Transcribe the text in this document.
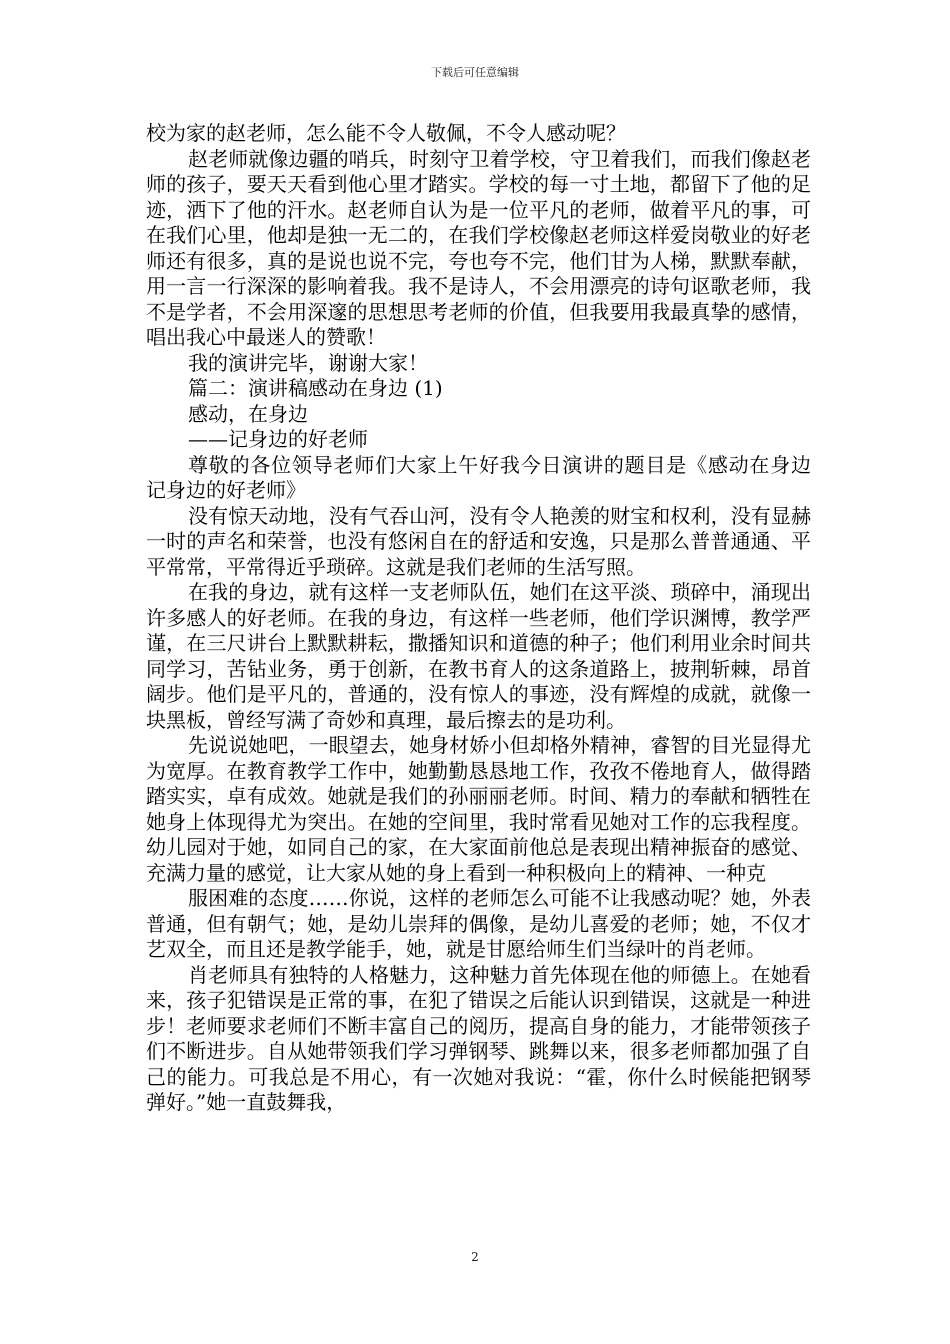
下载后可任意编辑

校为家的赵老师，怎么能不令人敬佩，不令人感动呢？

赵老师就像边疆的哨兵，时刻守卫着学校，守卫着我们，而我们像赵老师的孩子，要天天看到他心里才踏实。学校的每一寸土地，都留下了他的足迹，洒下了他的汗水。赵老师自认为是一位平凡的老师，做着平凡的事，可在我们心里，他却是独一无二的，在我们学校像赵老师这样爱岗敬业的好老师还有很多，真的是说也说不完，夸也夸不完，他们甘为人梯，默默奉献，用一言一行深深的影响着我。我不是诗人，不会用漂亮的诗句讴歌老师，我不是学者，不会用深邃的思想思考老师的价值，但我要用我最真挚的感情，唱出我心中最迷人的赞歌！

我的演讲完毕，谢谢大家！

篇二：演讲稿感动在身边 (1)

感动，在身边

——记身边的好老师

尊敬的各位领导老师们大家上午好我今日演讲的题目是《感动在身边 记身边的好老师》

没有惊天动地，没有气吞山河，没有令人艳羡的财宝和权利，没有显赫一时的声名和荣誉，也没有悠闲自在的舒适和安逸，只是那么普普通通、平平常常，平常得近乎琐碎。这就是我们老师的生活写照。

在我的身边，就有这样一支老师队伍，她们在这平淡、琐碎中，涌现出许多感人的好老师。在我的身边，有这样一些老师，他们学识渊博，教学严谨，在三尺讲台上默默耕耘，撒播知识和道德的种子；他们利用业余时间共同学习，苦钻业务，勇于创新，在教书育人的这条道路上，披荆斩棘，昂首阔步。他们是平凡的，普通的，没有惊人的事迹，没有辉煌的成就，就像一块黑板，曾经写满了奇妙和真理，最后擦去的是功利。

先说说她吧，一眼望去，她身材娇小但却格外精神，睿智的目光显得尤为宽厚。在教育教学工作中，她勤勤恳恳地工作，孜孜不倦地育人，做得踏踏实实，卓有成效。她就是我们的孙丽丽老师。时间、精力的奉献和牺牲在她身上体现得尤为突出。在她的空间里，我时常看见她对工作的忘我程度。幼儿园对于她，如同自己的家，在大家面前他总是表现出精神振奋的感觉、充满力量的感觉，让大家从她的身上看到一种积极向上的精神、一种克

服困难的态度……你说，这样的老师怎么可能不让我感动呢？她，外表普通，但有朝气；她，是幼儿崇拜的偶像，是幼儿喜爱的老师；她，不仅才艺双全，而且还是教学能手，她，就是甘愿给师生们当绿叶的肖老师。

肖老师具有独特的人格魅力，这种魅力首先体现在他的师德上。在她看来，孩子犯错误是正常的事，在犯了错误之后能认识到错误，这就是一种进步！老师要求老师们不断丰富自己的阅历，提高自身的能力，才能带领孩子们不断进步。自从她带领我们学习弹钢琴、跳舞以来，很多老师都加强了自己的能力。可我总是不用心，有一次她对我说：“霍，你什么时候能把钢琴弹好。”她一直鼓舞我，

2
